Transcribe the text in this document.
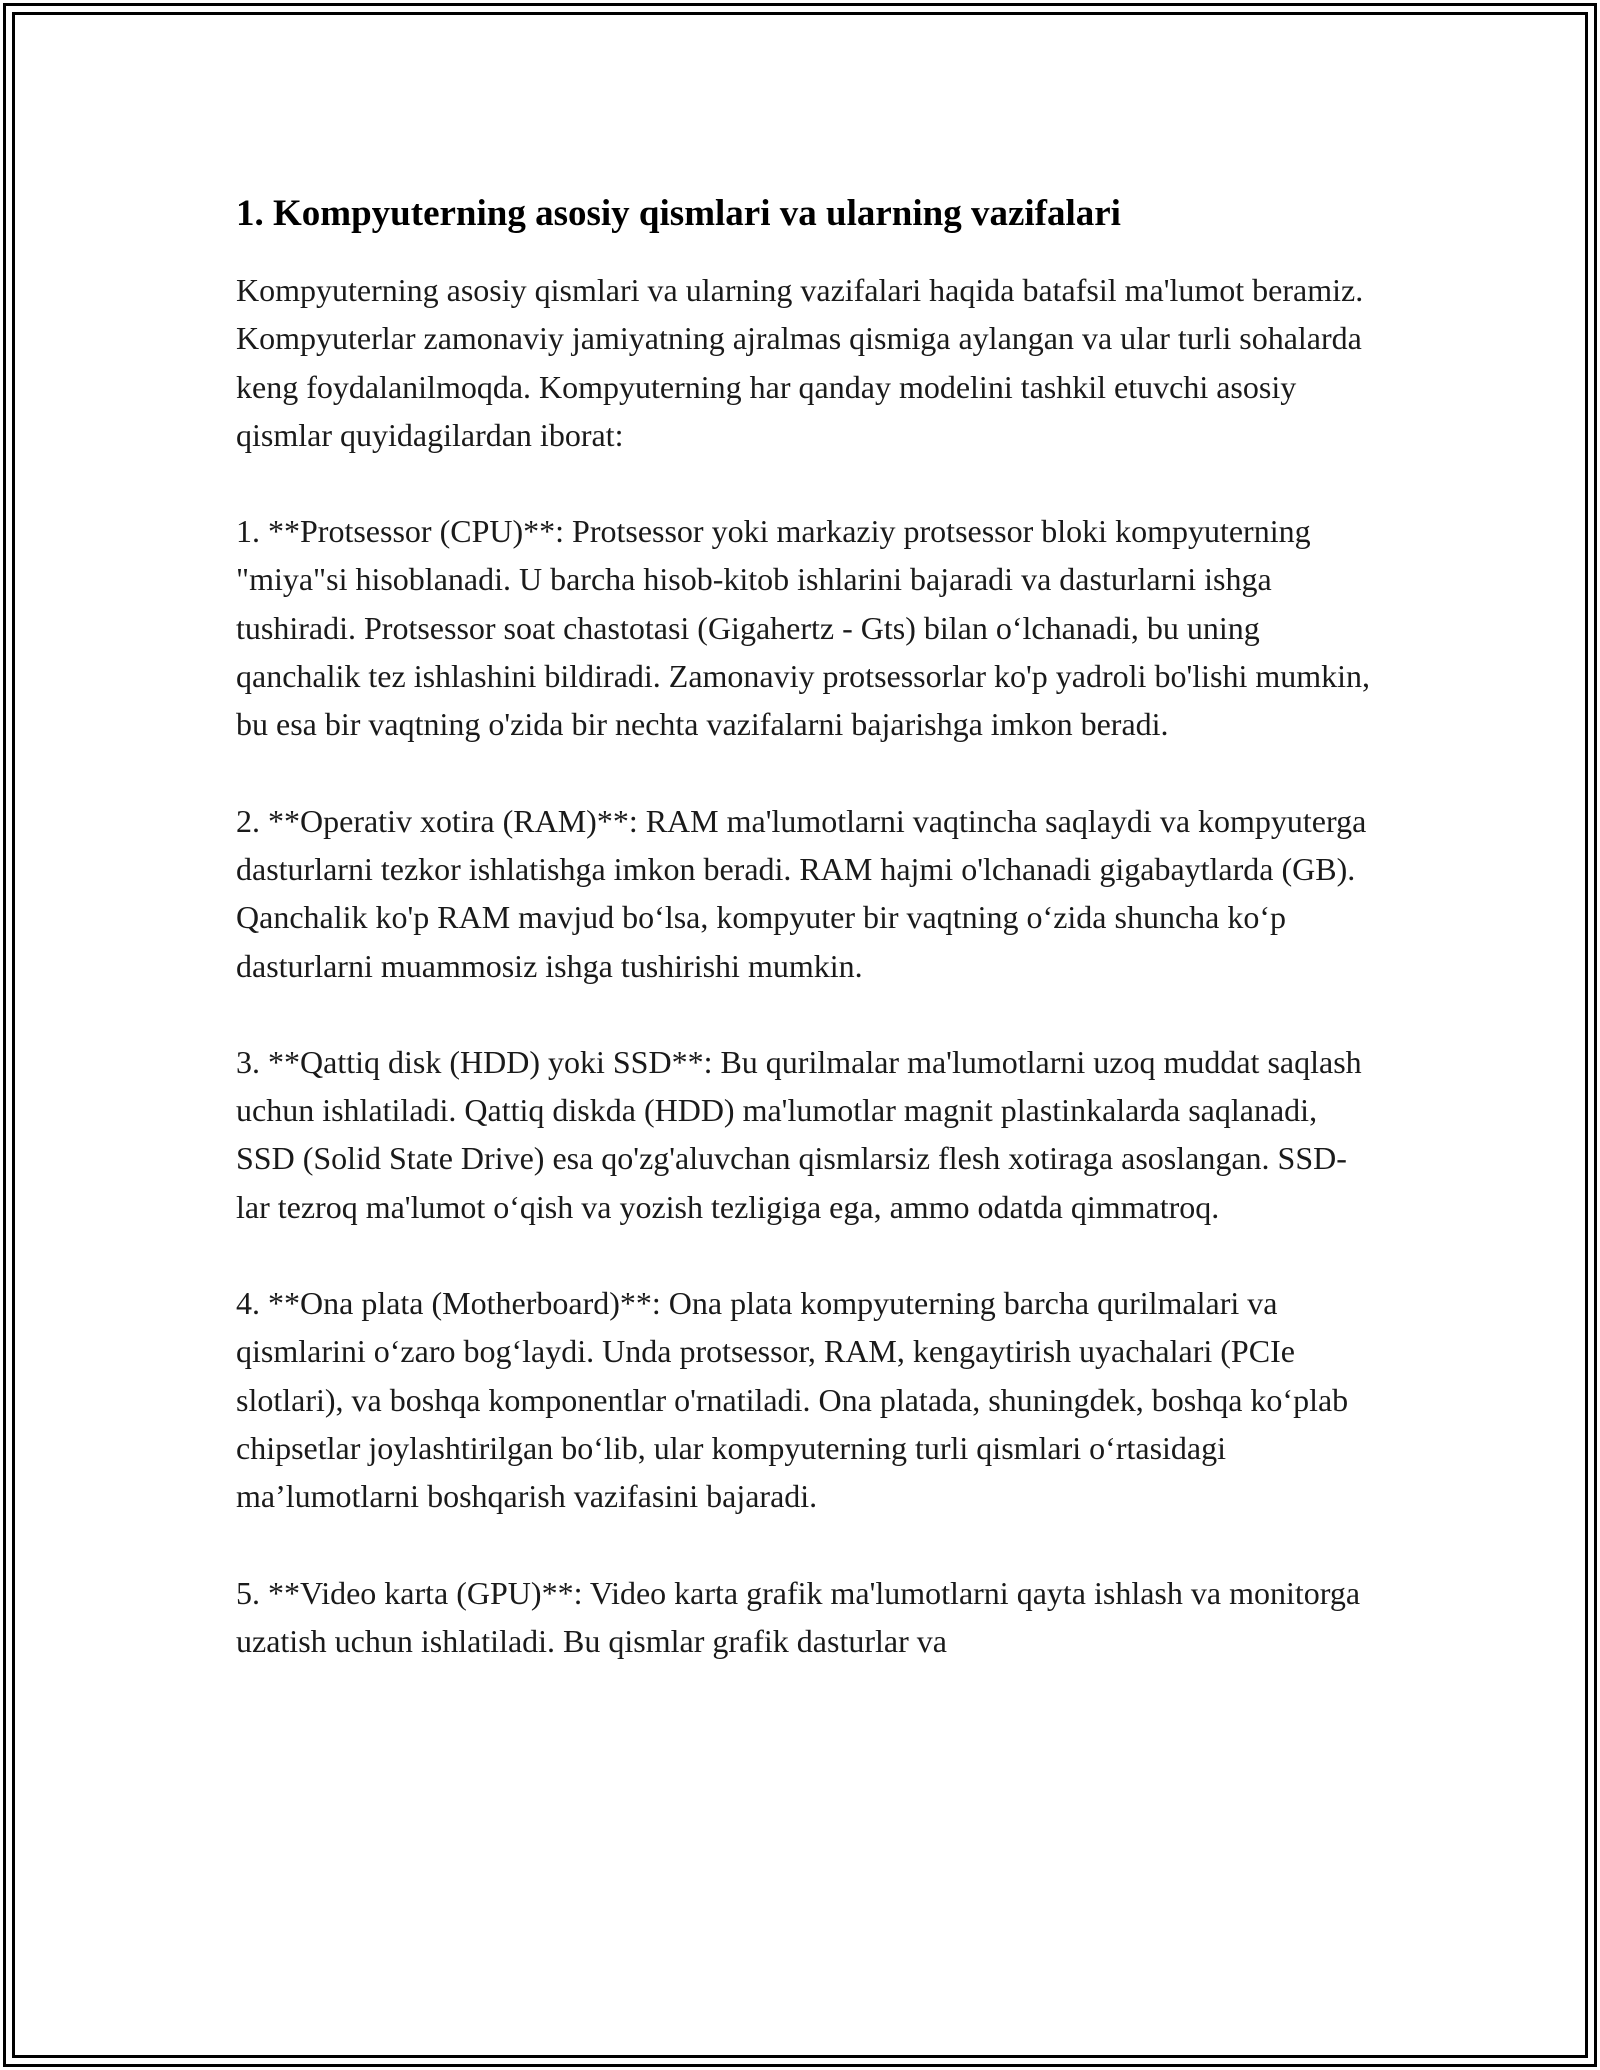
1. Kompyuterning asosiy qismlari va ularning vazifalari

Kompyuterning asosiy qismlari va ularning vazifalari haqida batafsil ma'lumot beramiz. Kompyuterlar zamonaviy jamiyatning ajralmas qismiga aylangan va ular turli sohalarda keng foydalanilmoqda. Kompyuterning har qanday modelini tashkil etuvchi asosiy qismlar quyidagilardan iborat:

1. **Protsessor (CPU)**: Protsessor yoki markaziy protsessor bloki kompyuterning "miya"si hisoblanadi. U barcha hisob-kitob ishlarini bajaradi va dasturlarni ishga tushiradi. Protsessor soat chastotasi (Gigahertz - Gts) bilan o‘lchanadi, bu uning qanchalik tez ishlashini bildiradi. Zamonaviy protsessorlar ko'p yadroli bo'lishi mumkin, bu esa bir vaqtning o'zida bir nechta vazifalarni bajarishga imkon beradi.

2. **Operativ xotira (RAM)**: RAM ma'lumotlarni vaqtincha saqlaydi va kompyuterga dasturlarni tezkor ishlatishga imkon beradi. RAM hajmi o'lchanadi gigabaytlarda (GB). Qanchalik ko'p RAM mavjud bo‘lsa, kompyuter bir vaqtning o‘zida shuncha ko‘p dasturlarni muammosiz ishga tushirishi mumkin.

3. **Qattiq disk (HDD) yoki SSD**: Bu qurilmalar ma'lumotlarni uzoq muddat saqlash uchun ishlatiladi. Qattiq diskda (HDD) ma'lumotlar magnit plastinkalarda saqlanadi, SSD (Solid State Drive) esa qo'zg'aluvchan qismlarsiz flesh xotiraga asoslangan. SSD-lar tezroq ma'lumot o‘qish va yozish tezligiga ega, ammo odatda qimmatroq.

4. **Ona plata (Motherboard)**: Ona plata kompyuterning barcha qurilmalari va qismlarini o‘zaro bog‘laydi. Unda protsessor, RAM, kengaytirish uyachalari (PCIe slotlari), va boshqa komponentlar o'rnatiladi. Ona platada, shuningdek, boshqa ko‘plab chipsetlar joylashtirilgan bo‘lib, ular kompyuterning turli qismlari o‘rtasidagi ma’lumotlarni boshqarish vazifasini bajaradi.

5. **Video karta (GPU)**: Video karta grafik ma'lumotlarni qayta ishlash va monitorga uzatish uchun ishlatiladi. Bu qismlar grafik dasturlar va
